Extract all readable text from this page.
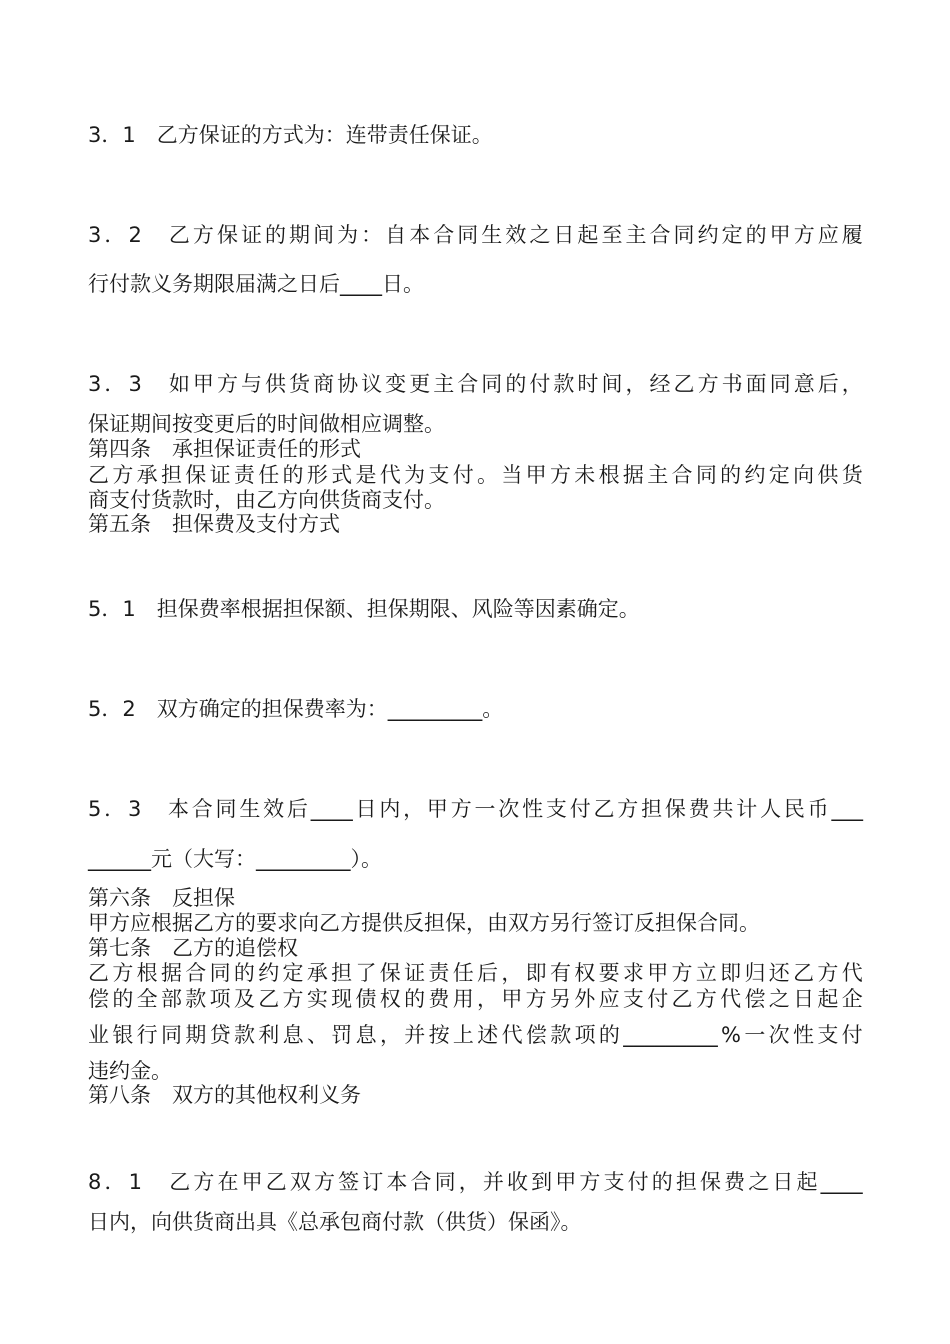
3．1　乙方保证的方式为：连带责任保证。
3 ． 2
　 乙 方 保 证 的 期 间 为 ： 自 本 合 同 生 效 之 日 起 至 主 合 同 约 定 的 甲 方 应 履
行付款义务期限届满之日后____日。
3 ． 3
　 如 甲 方 与 供 货 商 协 议 变 更 主 合 同 的 付 款 时 间 ， 经 乙 方 书 面 同 意 后 ，
保证期间按变更后的时间做相应调整。
第四条　承担保证责任的形式
乙 方 承 担 保 证 责 任 的 形 式 是 代 为 支 付 。 当 甲 方 未 根 据 主 合 同 的 约 定 向 供 货
商支付货款时，由乙方向供货商支付。
第五条　担保费及支付方式
5．1　担保费率根据担保额、担保期限、风险等因素确定。
5．2　双方确定的担保费率为：_________。
5 ． 3
　 本 合 同 生 效 后 ____ 日 内 ， 甲 方 一 次 性 支 付 乙 方 担 保 费 共 计 人 民 币 ___
______元（大写：_________）。
第六条　反担保
甲方应根据乙方的要求向乙方提供反担保，由双方另行签订反担保合同。
第七条　乙方的追偿权
乙 方 根 据 合 同 的 约 定 承 担 了 保 证 责 任 后 ， 即 有 权 要 求 甲 方 立 即 归 还 乙 方 代
偿 的 全 部 款 项 及 乙 方 实 现 债 权 的 费 用 ， 甲 方 另 外 应 支 付 乙 方 代 偿 之 日 起 企
业 银 行 同 期 贷 款 利 息 、 罚 息 ， 并 按 上 述 代 偿 款 项 的 _________ % 一 次 性 支 付
违约金。
第八条　双方的其他权利义务
8 ． 1
　 乙 方 在 甲 乙 双 方 签 订 本 合 同 ， 并 收 到 甲 方 支 付 的 担 保 费 之 日 起 ____
日内，向供货商出具《总承包商付款（供货）保函》。
